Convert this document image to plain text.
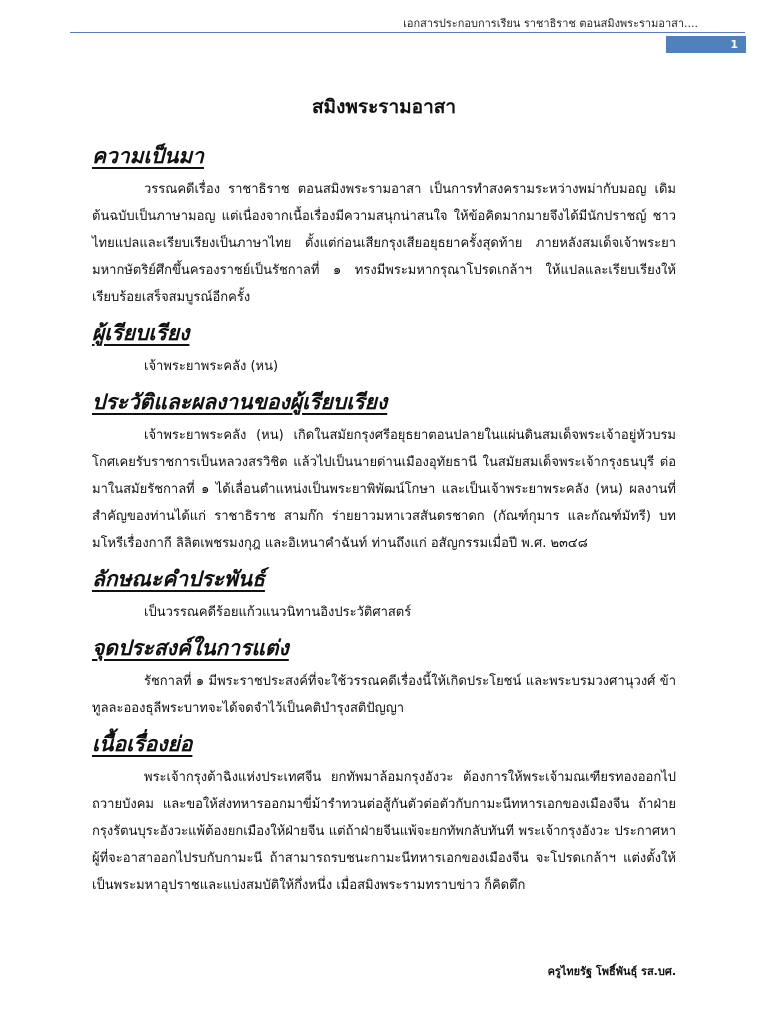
เอกสารประกอบการเรียน ราชาธิราช ตอนสมิงพระรามอาสา....
1
สมิงพระรามอาสา
ความเป็นมา

วรรณคดีเรื่อง ราชาธิราช ตอนสมิงพระรามอาสา เป็นการทำสงครามระหว่างพม่ากับมอญ เดิมต้นฉบับเป็นภาษามอญ แต่เนื่องจากเนื้อเรื่องมีความสนุกน่าสนใจ ให้ข้อคิดมากมายจึงได้มีนักปราชญ์ ชาวไทยแปลและเรียบเรียงเป็นภาษาไทย ตั้งแต่ก่อนเสียกรุงเสียอยุธยาครั้งสุดท้าย ภายหลังสมเด็จเจ้าพระยามหากษัตริย์ศึกขึ้นครองราชย์เป็นรัชกาลที่ ๑ ทรงมีพระมหากรุณาโปรดเกล้าฯ ให้แปลและเรียบเรียงให้เรียบร้อยเสร็จสมบูรณ์อีกครั้ง

ผู้เรียบเรียง

เจ้าพระยาพระคลัง (หน)

ประวัติและผลงานของผู้เรียบเรียง

เจ้าพระยาพระคลัง (หน) เกิดในสมัยกรุงศรีอยุธยาตอนปลายในแผ่นดินสมเด็จพระเจ้าอยู่หัวบรมโกศเคยรับราชการเป็นหลวงสรวิชิต แล้วไปเป็นนายด่านเมืองอุทัยธานี ในสมัยสมเด็จพระเจ้ากรุงธนบุรี ต่อมาในสมัยรัชกาลที่ ๑ ได้เลื่อนตำแหน่งเป็นพระยาพิพัฒน์โกษา และเป็นเจ้าพระยาพระคลัง (หน) ผลงานที่สำคัญของท่านได้แก่ ราชาธิราช สามก๊ก ร่ายยาวมหาเวสสันดรชาดก (กัณฑ์กุมาร และกัณฑ์มัทรี) บทมโหรีเรื่องกากี ลิลิตเพชรมงกุฎ และอิเหนาคำฉันท์ ท่านถึงแก่ อสัญกรรมเมื่อปี พ.ศ. ๒๓๔๘

ลักษณะคำประพันธ์

เป็นวรรณคดีร้อยแก้วแนวนิทานอิงประวัติศาสตร์

จุดประสงค์ในการแต่ง

รัชกาลที่ ๑ มีพระราชประสงค์ที่จะใช้วรรณคดีเรื่องนี้ให้เกิดประโยชน์ และพระบรมวงศานุวงศ์ ข้าทูลละอองธุลีพระบาทจะได้จดจำไว้เป็นคติบำรุงสติปัญญา

เนื้อเรื่องย่อ

พระเจ้ากรุงต้าฉิงแห่งประเทศจีน ยกทัพมาล้อมกรุงอังวะ ต้องการให้พระเจ้ามณเฑียรทองออกไปถวายบังคม และขอให้ส่งทหารออกมาขี่ม้ารำทวนต่อสู้กันตัวต่อตัวกับกามะนีทหารเอกของเมืองจีน ถ้าฝ่ายกรุงรัตนบุระอังวะแพ้ต้องยกเมืองให้ฝ่ายจีน แต่ถ้าฝ่ายจีนแพ้จะยกทัพกลับทันที พระเจ้ากรุงอังวะ ประกาศหาผู้ที่จะอาสาออกไปรบกับกามะนี ถ้าสามารถรบชนะกามะนีทหารเอกของเมืองจีน จะโปรดเกล้าฯ แต่งตั้งให้เป็นพระมหาอุปราชและแบ่งสมบัติให้กึ่งหนึ่ง เมื่อสมิงพระรามทราบข่าว ก็คิดตึก

ครูไทยรัฐ โพธิ์พันธุ์ รส.บศ.
